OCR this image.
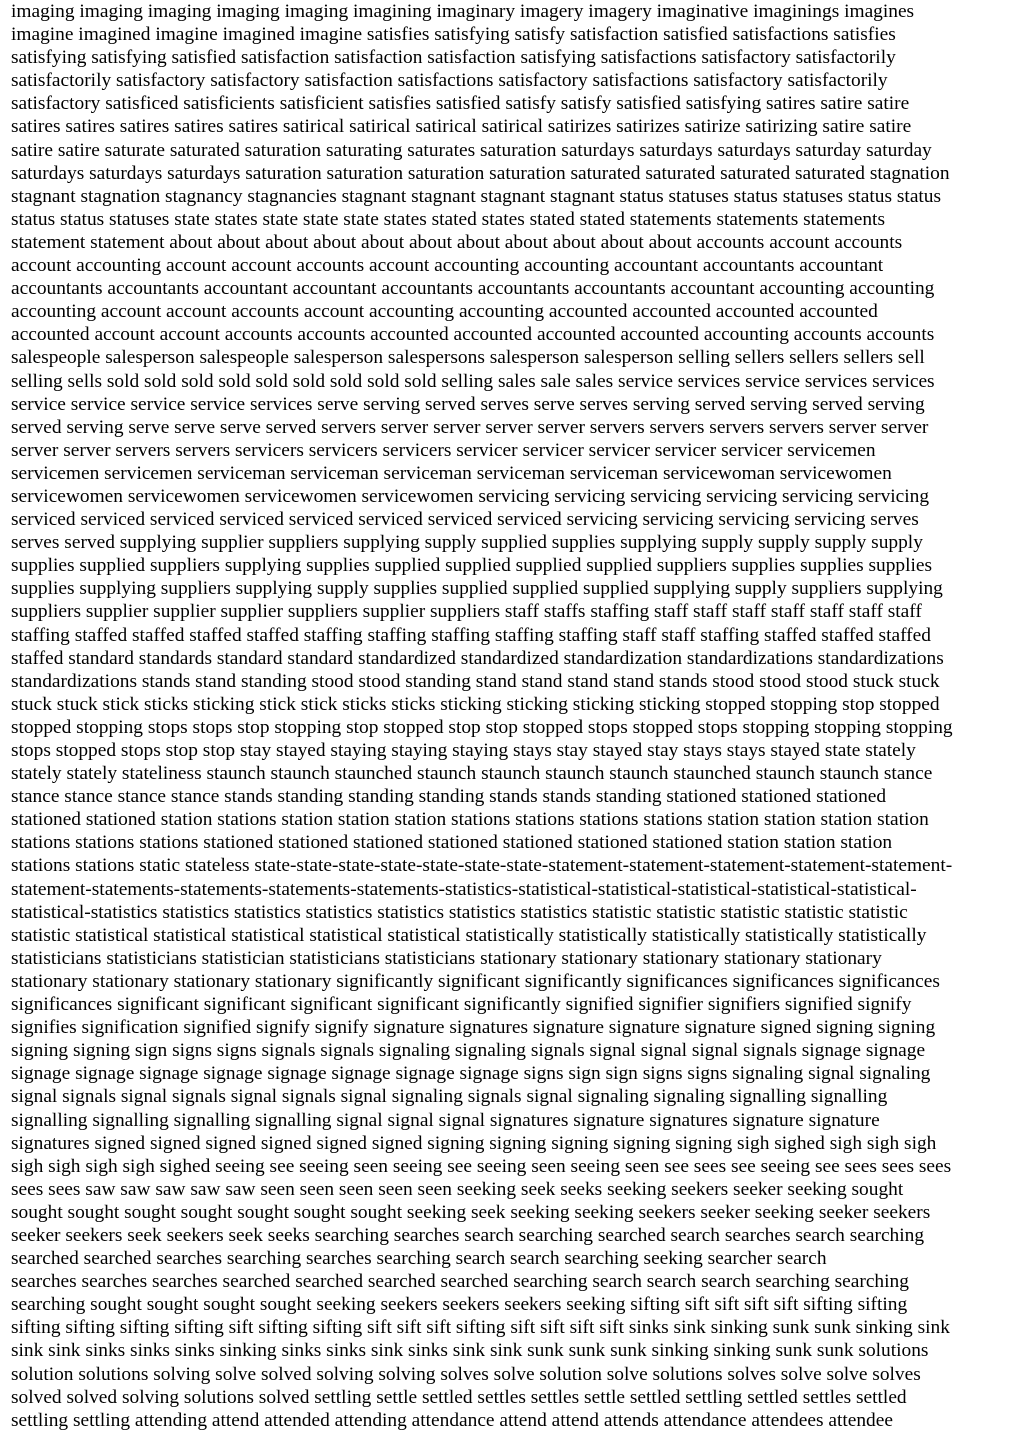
imaging imaging imaging imaging imaging imagining imaginary imagery imagery imaginative imaginings imagines
imagine imagined imagine imagined imagine satisfies satisfying satisfy satisfaction satisfied satisfactions satisfies
satisfying satisfying satisfied satisfaction satisfaction satisfaction satisfying satisfactions satisfactory satisfactorily
satisfactorily satisfactory satisfactory satisfaction satisfactions satisfactory satisfactions satisfactory satisfactorily
satisfactory satisficed satisficients satisficient satisfies satisfied satisfy satisfy satisfied satisfying satires satire satire
satires satires satires satires satires satirical satirical satirical satirical satirizes satirizes satirize satirizing satire satire
satire satire saturate saturated saturation saturating saturates saturation saturdays saturdays saturdays saturday saturday
saturdays saturdays saturdays saturation saturation saturation saturation saturated saturated saturated saturated stagnation
stagnant stagnation stagnancy stagnancies stagnant stagnant stagnant stagnant status statuses status statuses status status
status status statuses state states state state state states stated states stated stated statements statements statements
statement statement about about about about about about about about about about about accounts account accounts
account accounting account account accounts account accounting accounting accountant accountants accountant
accountants accountants accountant accountant accountants accountants accountants accountant accounting accounting
accounting account account accounts account accounting accounting accounted accounted accounted accounted
accounted account account accounts accounts accounted accounted accounted accounted accounting accounts accounts
salespeople salesperson salespeople salesperson salespersons salesperson salesperson selling sellers sellers sellers sell
selling sells sold sold sold sold sold sold sold sold sold selling sales sale sales service services service services services
service service service service services serve serving served serves serve serves serving served serving served serving
served serving serve serve serve served servers server server server server servers servers servers servers server server
server server servers servers servicers servicers servicers servicer servicer servicer servicer servicer servicemen
servicemen servicemen serviceman serviceman serviceman serviceman serviceman servicewoman servicewomen
servicewomen servicewomen servicewomen servicewomen servicing servicing servicing servicing servicing servicing
serviced serviced serviced serviced serviced serviced serviced serviced servicing servicing servicing servicing serves
serves served supplying supplier suppliers supplying supply supplied supplies supplying supply supply supply supply
supplies supplied suppliers supplying supplies supplied supplied supplied supplied suppliers supplies supplies supplies
supplies supplying suppliers supplying supply supplies supplied supplied supplied supplying supply suppliers supplying
suppliers supplier supplier supplier suppliers supplier suppliers staff staffs staffing staff staff staff staff staff staff staff
staffing staffed staffed staffed staffed staffing staffing staffing staffing staffing staff staff staffing staffed staffed staffed
staffed standard standards standard standard standardized standardized standardization standardizations standardizations
standardizations stands stand standing stood stood standing stand stand stand stand stands stood stood stood stuck stuck
stuck stuck stick sticks sticking stick stick sticks sticks sticking sticking sticking sticking stopped stopping stop stopped
stopped stopping stops stops stop stopping stop stopped stop stop stopped stops stopped stops stopping stopping stopping
stops stopped stops stop stop stay stayed staying staying staying stays stay stayed stay stays stays stayed state stately
stately stately stateliness staunch staunch staunched staunch staunch staunch staunch staunched staunch staunch stance
stance stance stance stance stands standing standing standing stands stands standing stationed stationed stationed
stationed stationed station stations station station station stations stations stations stations station station station station
stations stations stations stationed stationed stationed stationed stationed stationed stationed station station station
stations stations static stateless state-state-state-state-state-state-state-statement-statement-statement-statement-statement-
statement-statements-statements-statements-statements-statistics-statistical-statistical-statistical-statistical-statistical-
statistical-statistics statistics statistics statistics statistics statistics statistics statistic statistic statistic statistic statistic
statistic statistical statistical statistical statistical statistical statistically statistically statistically statistically statistically
statisticians statisticians statistician statisticians statisticians stationary stationary stationary stationary stationary
stationary stationary stationary stationary significantly significant significantly significances significances significances
significances significant significant significant significant significantly signified signifier signifiers signified signify
signifies signification signified signify signify signature signatures signature signature signature signed signing signing
signing signing sign signs signs signals signals signaling signaling signals signal signal signal signals signage signage
signage signage signage signage signage signage signage signage signs sign sign signs signs signaling signal signaling
signal signals signal signals signal signals signal signaling signals signal signaling signaling signalling signalling
signalling signalling signalling signalling signal signal signal signatures signature signatures signature signature
signatures signed signed signed signed signed signed signing signing signing signing signing sigh sighed sigh sigh sigh
sigh sigh sigh sigh sighed seeing see seeing seen seeing see seeing seen seeing seen see sees see seeing see sees sees sees
sees sees saw saw saw saw saw seen seen seen seen seen seeking seek seeks seeking seekers seeker seeking sought
sought sought sought sought sought sought sought seeking seek seeking seeking seekers seeker seeking seeker seekers
seeker seekers seek seekers seek seeks searching searches search searching searched search searches search searching
searched searched searches searching searches searching search search searching seeking searcher search
searches searches searches searched searched searched searched searching search search search searching searching
searching sought sought sought sought seeking seekers seekers seekers seeking sifting sift sift sift sift sifting sifting
sifting sifting sifting sifting sift sifting sifting sift sift sift sifting sift sift sift sift sinks sink sinking sunk sunk sinking sink
sink sink sinks sinks sinks sinking sinks sinks sink sinks sink sink sunk sunk sunk sinking sinking sunk sunk solutions
solution solutions solving solve solved solving solving solves solve solution solve solutions solves solve solve solves
solved solved solving solutions solved settling settle settled settles settles settle settled settling settled settles settled
settling settling attending attend attended attending attendance attend attend attends attendance attendees attendee
